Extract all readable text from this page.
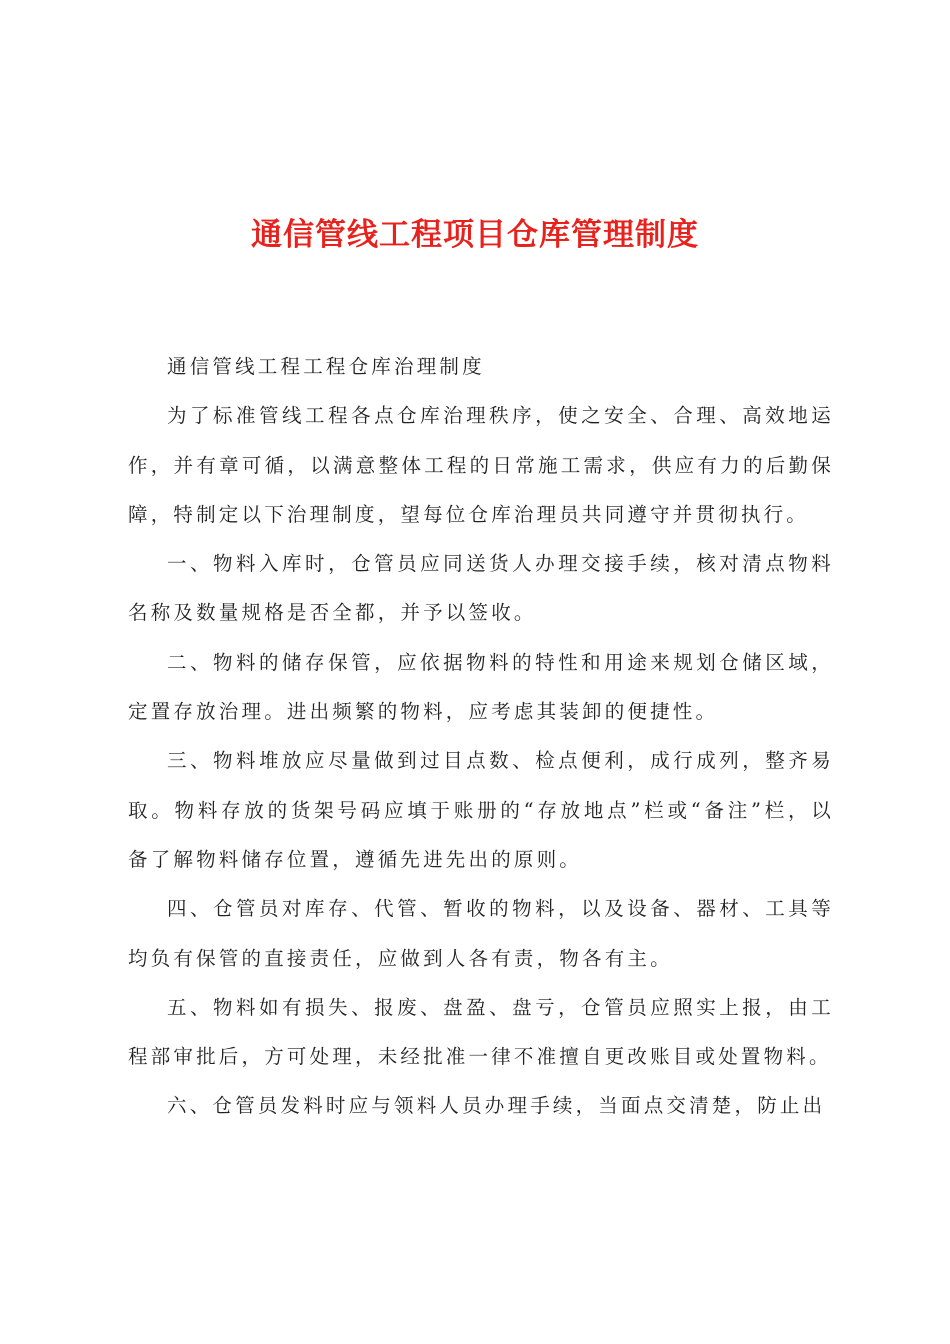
通信管线工程项目仓库管理制度

通信管线工程工程仓库治理制度

为了标准管线工程各点仓库治理秩序，使之安全、合理、高效地运作，并有章可循，以满意整体工程的日常施工需求，供应有力的后勤保障，特制定以下治理制度，望每位仓库治理员共同遵守并贯彻执行。

一、物料入库时，仓管员应同送货人办理交接手续，核对清点物料名称及数量规格是否全都，并予以签收。

二、物料的储存保管，应依据物料的特性和用途来规划仓储区域，定置存放治理。进出频繁的物料，应考虑其装卸的便捷性。

三、物料堆放应尽量做到过目点数、检点便利，成行成列，整齐易取。物料存放的货架号码应填于账册的“存放地点”栏或“备注”栏，以备了解物料储存位置，遵循先进先出的原则。

四、仓管员对库存、代管、暂收的物料，以及设备、器材、工具等均负有保管的直接责任，应做到人各有责，物各有主。

五、物料如有损失、报废、盘盈、盘亏，仓管员应照实上报，由工程部审批后，方可处理，未经批准一律不准擅自更改账目或处置物料。

六、仓管员发料时应与领料人员办理手续，当面点交清楚，防止出
